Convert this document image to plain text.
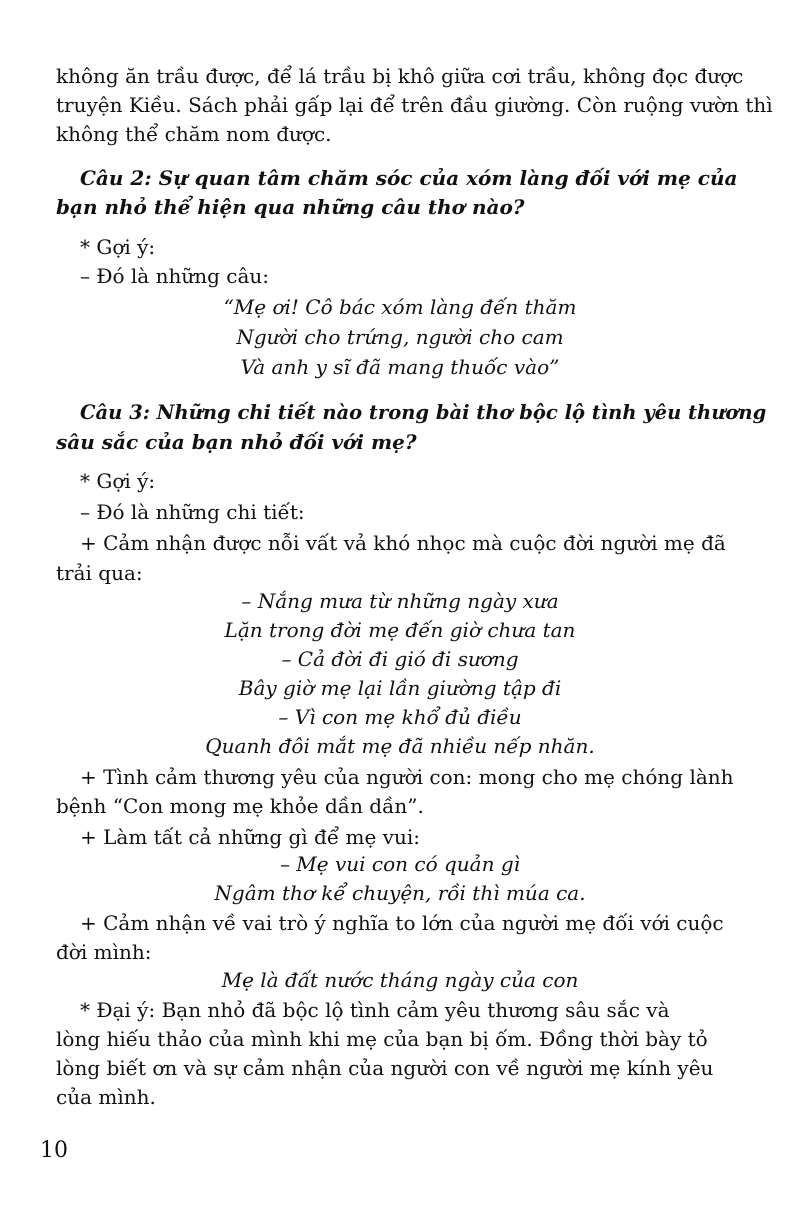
không ăn trầu được, để lá trầu bị khô giữa cơi trầu, không đọc được

truyện Kiều. Sách phải gấp lại để trên đầu giường. Còn ruộng vườn thì

không thể chăm nom được.

Câu 2: Sự quan tâm chăm sóc của xóm làng đối với mẹ của

bạn nhỏ thể hiện qua những câu thơ nào?

* Gợi ý:

– Đó là những câu:

“Mẹ ơi! Cô bác xóm làng đến thăm

Người cho trứng, người cho cam

Và anh y sĩ đã mang thuốc vào”

Câu 3: Những chi tiết nào trong bài thơ bộc lộ tình yêu thương

sâu sắc của bạn nhỏ đối với mẹ?

* Gợi ý:

– Đó là những chi tiết:

+ Cảm nhận được nỗi vất vả khó nhọc mà cuộc đời người mẹ đã

trải qua:

– Nắng mưa từ những ngày xưa

Lặn trong đời mẹ đến giờ chưa tan

– Cả đời đi gió đi sương

Bây giờ mẹ lại lần giường tập đi

– Vì con mẹ khổ đủ điều

Quanh đôi mắt mẹ đã nhiều nếp nhăn.

+ Tình cảm thương yêu của người con: mong cho mẹ chóng lành

bệnh “Con mong mẹ khỏe dần dần”.

+ Làm tất cả những gì để mẹ vui:

– Mẹ vui con có quản gì

Ngâm thơ kể chuyện, rồi thì múa ca.

+ Cảm nhận về vai trò ý nghĩa to lớn của người mẹ đối với cuộc

đời mình:

Mẹ là đất nước tháng ngày của con

* Đại ý: Bạn nhỏ đã bộc lộ tình cảm yêu thương sâu sắc và

lòng hiếu thảo của mình khi mẹ của bạn bị ốm. Đồng thời bày tỏ

lòng biết ơn và sự cảm nhận của người con về người mẹ kính yêu

của mình.

10
